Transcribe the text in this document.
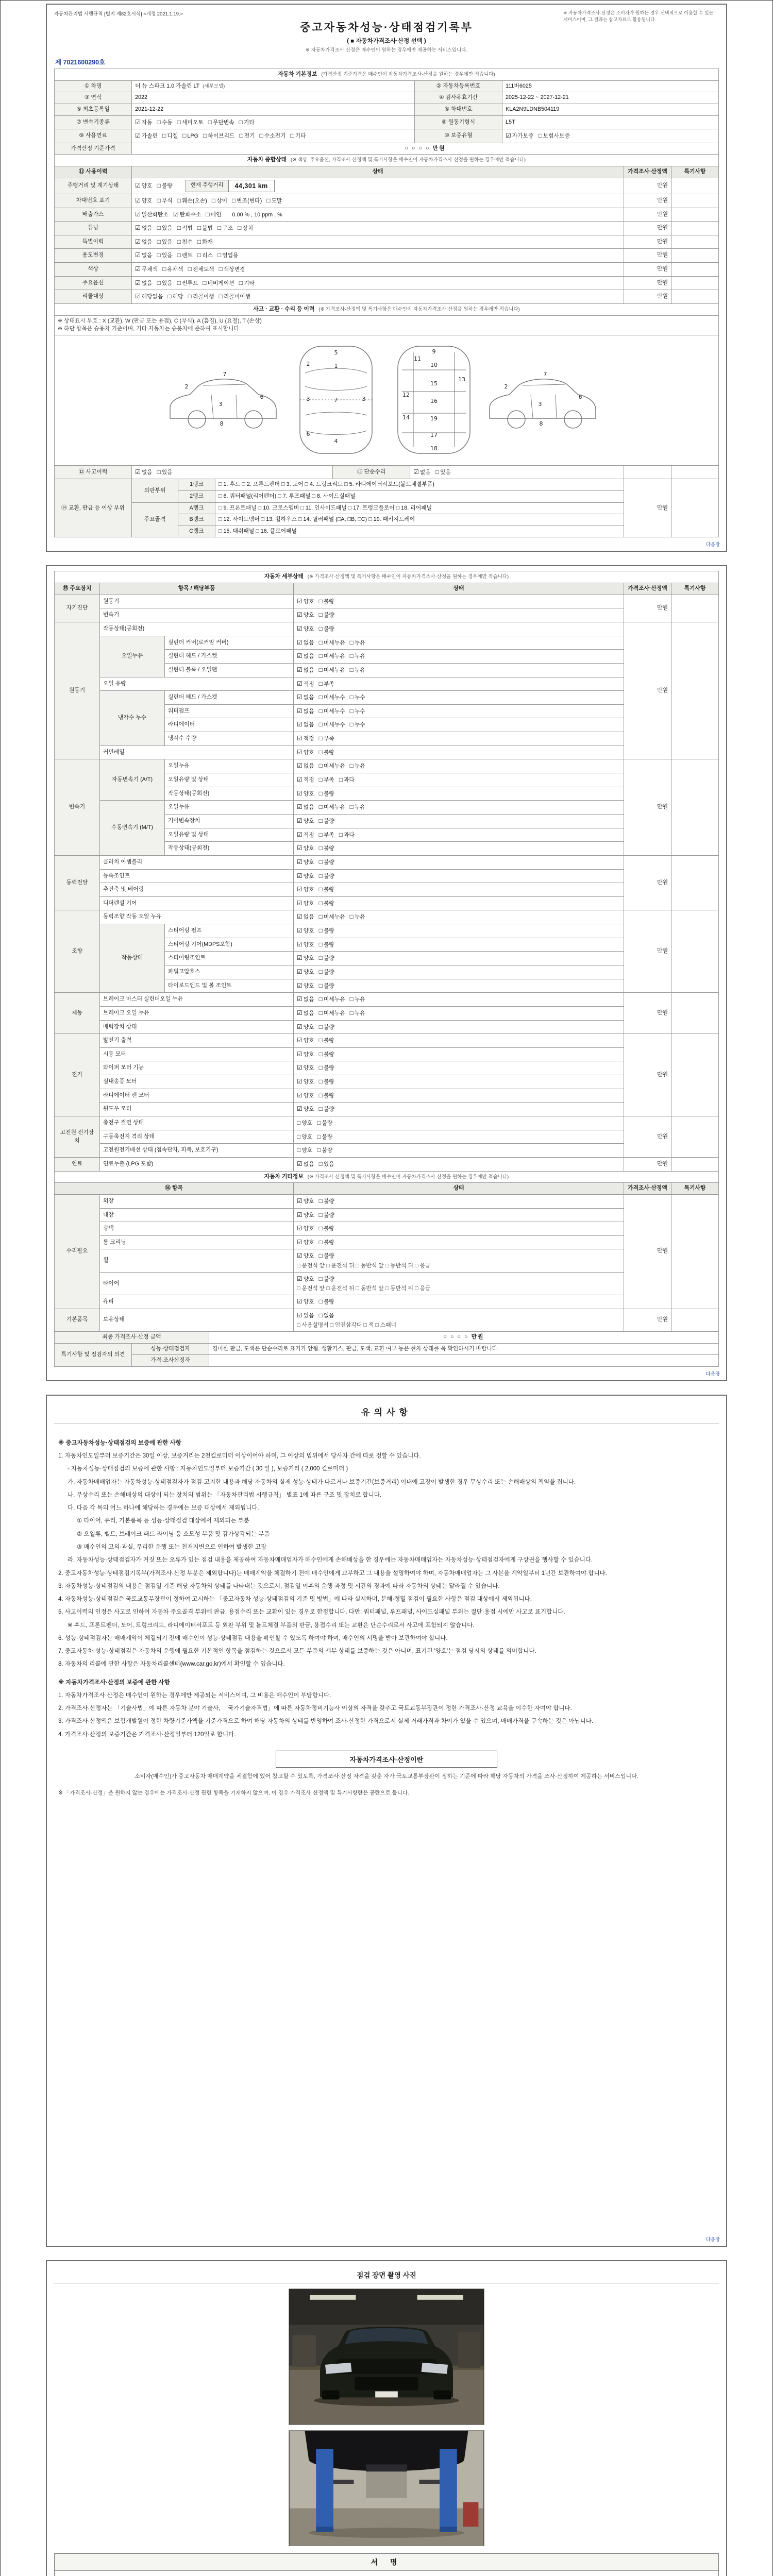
자동차관리법 시행규칙 [별지 제82호서식] <개정 2021.1.19.>	※ 자동차가격조사·산정은 소비자가 원하는 경우 선택적으로 이용할 수 있는 서비스이며, 그 결과는 참고자료로 활용됩니다.
중고자동차성능·상태점검기록부
( ■ 자동차가격조사·산정 선택 )
※ 자동차가격조사·산정은 매수인이 원하는 경우에만 제공하는 서비스입니다.
제 7021600290호
자동차 기본정보 (가격산정 기준가격은 매수인이 자동차가격조사·산정을 원하는 경우에만 적습니다)			
① 차명	더 뉴 스파크 1.0 가솔린 LT (세부모델)	② 자동차등록번호	111버6025
③ 연식	2022	④ 검사유효기간	2025-12-22 ~ 2027-12-21
⑤ 최초등록일	2021-12-22	⑥ 차대번호	KLA2N9LDNB504119
⑦ 변속기종류	☑ 자동 □ 수동 □ 세미오토 □ 무단변속 □ 기타	⑧ 원동기형식	L5T
⑨ 사용연료	☑ 가솔린 □ 디젤 □ LPG □ 하이브리드 □ 전기 □ 수소전기 □ 기타	⑩ 보증유형	☑ 자가보증 □ 보험사보증
가격산정 기준가격	○ ○ ○ ○ 만원		
자동차 종합상태 (※ 색상, 주요옵션, 가격조사·산정액 및 특기사항은 매수인이 자동차가격조사·산정을 원하는 경우에만 적습니다)			
⑪ 사용이력	상태	가격조사·산정액	특기사항
주행거리 및 계기상태	☑ 양호 □ 불량 현재 주행거리 44,301 km	만원	
차대번호 표기	☑ 양호 □ 부식 □ 훼손(오손) □ 상이 □ 변조(변타) □ 도말	만원	
배출가스	☑ 일산화탄소 ☑ 탄화수소 □ 매연 0.00 % , 10 ppm , %	만원	
튜닝	☑ 없음 □ 있음 □ 적법 □ 불법 □ 구조 □ 장치	만원	
특별이력	☑ 없음 □ 있음 □ 침수 □ 화재	만원	
용도변경	☑ 없음 □ 있음 □ 렌트 □ 리스 □ 영업용	만원	
색상	☑ 무채색 □ 유채색 □ 전체도색 □ 색상변경	만원	
주요옵션	☑ 없음 □ 있음 □ 썬루프 □ 네비게이션 □ 기타	만원	
리콜대상	☑ 해당없음 □ 해당 □ 리콜이행 □ 리콜미이행	만원	
사고 · 교환 · 수리 등 이력 (※ 가격조사·산정액 및 특기사항은 매수인이 자동차가격조사·산정을 원하는 경우에만 적습니다)

※ 상태표시 부호 : X (교환), W (판금 또는 용접), C (부식), A (흠집), U (요철), T (손상)
※ 하단 항목은 승용차 기준이며, 기타 자동차는 승용차에 준하여 표시합니다.

2
3
6
7
8
5
1
2
3	3
7
6
4
9
10
11
12
13
15
16
14	19
17
18
2
3
6
7
8
⑫ 사고이력	☑ 없음 □ 있음	⑬ 단순수리	☑ 없음 □ 있음		
⑭ 교환, 판금 등 이상 부위	외판부위	1랭크	□ 1. 후드 □ 2. 프론트펜더 □ 3. 도어 □ 4. 트렁크리드 □ 5. 라디에이터서포트(볼트체결부품)	만원	
		2랭크	□ 6. 쿼터패널(리어펜더) □ 7. 루프패널 □ 8. 사이드실패널		
	주요골격	A랭크	□ 9. 프론트패널 □ 10. 크로스멤버 □ 11. 인사이드패널 □ 17. 트렁크플로어 □ 18. 리어패널		
		B랭크	□ 12. 사이드멤버 □ 13. 휠하우스 □ 14. 필러패널 (□A, □B, □C) □ 19. 패키지트레이		
		C랭크	□ 15. 대쉬패널 □ 16. 플로어패널		
다음장
자동차 세부상태 (※ 가격조사·산정액 및 특기사항은 매수인이 자동차가격조사·산정을 원하는 경우에만 적습니다)					
⑮ 주요장치	항목 / 해당부품		상태	가격조사·산정액	특기사항
자기진단	원동기		☑ 양호 □ 불량	만원	
	변속기		☑ 양호 □ 불량		
원동기	작동상태(공회전)		☑ 양호 □ 불량	만원	
	오일누유	실린더 커버(로커암 커버)	☑ 없음 □ 미세누유 □ 누유		
		실린더 헤드 / 가스켓	☑ 없음 □ 미세누유 □ 누유		
		실린더 블록 / 오일팬	☑ 없음 □ 미세누유 □ 누유		
	오일 유량		☑ 적정 □ 부족		
	냉각수 누수	실린더 헤드 / 가스켓	☑ 없음 □ 미세누수 □ 누수		
		워터펌프	☑ 없음 □ 미세누수 □ 누수		
		라디에이터	☑ 없음 □ 미세누수 □ 누수		
		냉각수 수량	☑ 적정 □ 부족		
	커먼레일		☑ 양호 □ 불량		
변속기	자동변속기 (A/T)	오일누유	☑ 없음 □ 미세누유 □ 누유	만원	
		오일유량 및 상태	☑ 적정 □ 부족 □ 과다		
		작동상태(공회전)	☑ 양호 □ 불량		
	수동변속기 (M/T)	오일누유	☑ 없음 □ 미세누유 □ 누유		
		기어변속장치	☑ 양호 □ 불량		
		오일유량 및 상태	☑ 적정 □ 부족 □ 과다		
		작동상태(공회전)	☑ 양호 □ 불량		
동력전달	클러치 어셈블리		☑ 양호 □ 불량	만원	
	등속조인트		☑ 양호 □ 불량		
	추진축 및 베어링		☑ 양호 □ 불량		
	디퍼렌셜 기어		☑ 양호 □ 불량		
조향	동력조향 작동 오일 누유		☑ 없음 □ 미세누유 □ 누유	만원	
	작동상태	스티어링 펌프	☑ 양호 □ 불량		
		스티어링 기어(MDPS포함)	☑ 양호 □ 불량		
		스티어링조인트	☑ 양호 □ 불량		
		파워고압호스	☑ 양호 □ 불량		
		타이로드엔드 및 볼 조인트	☑ 양호 □ 불량		
제동	브레이크 마스터 실린더오일 누유		☑ 없음 □ 미세누유 □ 누유	만원	
	브레이크 오일 누유		☑ 없음 □ 미세누유 □ 누유		
	배력장치 상태		☑ 양호 □ 불량		
전기	발전기 출력		☑ 양호 □ 불량	만원	
	시동 모터		☑ 양호 □ 불량		
	와이퍼 모터 기능		☑ 양호 □ 불량		
	실내송풍 모터		☑ 양호 □ 불량		
	라디에이터 팬 모터		☑ 양호 □ 불량		
	윈도우 모터		☑ 양호 □ 불량		
고전원 전기장치	충전구 절연 상태		□ 양호 □ 불량	만원	
	구동축전지 격리 상태		□ 양호 □ 불량		
	고전원전기배선 상태 (접속단자, 피복, 보호기구)		□ 양호 □ 불량		
연료	연료누출 (LPG 포함)		☑ 없음 □ 있음	만원	
자동차 기타정보 (※ 가격조사·산정액 및 특기사항은 매수인이 자동차가격조사·산정을 원하는 경우에만 적습니다)				
⑯ 항목		상태	가격조사·산정액	특기사항
수리필요	외장	☑ 양호 □ 불량	만원	
	내장	☑ 양호 □ 불량		
	광택	☑ 양호 □ 불량		
	룸 크리닝	☑ 양호 □ 불량		
	휠	☑ 양호 □ 불량
□ 운전석 앞 □ 운전석 뒤 □ 동반석 앞 □ 동반석 뒤 □ 응급		

	타이어	☑ 양호 □ 불량
□ 운전석 앞 □ 운전석 뒤 □ 동반석 앞 □ 동반석 뒤 □ 응급		

	유리	☑ 양호 □ 불량		
기본품목	보유상태	☑ 있음 □ 없음
□ 사용설명서 □ 안전삼각대 □ 잭 □ 스패너	만원	
최종 가격조사·산정 금액	○ ○ ○ ○ 만원
특기사항 및 점검자의 의견	성능·상태점검자	경미한 판금, 도색은 단순수리로 표기가 안됨. 생활기스, 판금, 도색, 교환 여부 등은 현차 상태를 꼭 확인하시기 바랍니다.
	가격·조사산정자	
다음장
유의사항
※ 중고자동차성능·상태점검의 보증에 관한 사항
1. 자동차인도일부터 보증기간은 30일 이상, 보증거리는 2천킬로미터 이상이어야 하며, 그 이상의 범위에서 당사자 간에 따로 정할 수 있습니다.
- 자동차성능·상태점검의 보증에 관한 사항 : 자동차인도일부터 보증기간 ( 30 일 ), 보증거리 ( 2,000 킬로미터 )
가. 자동차매매업자는 자동차성능·상태점검자가 점검·고지한 내용과 해당 자동차의 실제 성능·상태가 다르거나 보증기간(보증거리) 이내에 고장이 발생한 경우 무상수리 또는 손해배상의 책임을 집니다.
나. 무상수리 또는 손해배상의 대상이 되는 장치의 범위는 「자동차관리법 시행규칙」 별표 1에 따른 구조 및 장치로 합니다.
다. 다음 각 목의 어느 하나에 해당하는 경우에는 보증 대상에서 제외됩니다.
① 타이어, 유리, 기본품목 등 성능·상태점검 대상에서 제외되는 부분
② 오일류, 벨트, 브레이크 패드·라이닝 등 소모성 부품 및 감가상각되는 부품
③ 매수인의 고의·과실, 무리한 운행 또는 천재지변으로 인하여 발생한 고장
라. 자동차성능·상태점검자가 거짓 또는 오류가 있는 점검 내용을 제공하여 자동차매매업자가 매수인에게 손해배상을 한 경우에는 자동차매매업자는 자동차성능·상태점검자에게 구상권을 행사할 수 있습니다.
2. 중고자동차성능·상태점검기록부(가격조사·산정 부분은 제외합니다)는 매매계약을 체결하기 전에 매수인에게 교부하고 그 내용을 설명하여야 하며, 자동차매매업자는 그 사본을 계약일부터 1년간 보관하여야 합니다.
3. 자동차성능·상태점검의 내용은 점검일 기준 해당 자동차의 상태를 나타내는 것으로서, 점검일 이후의 운행 과정 및 시간의 경과에 따라 자동차의 상태는 달라질 수 있습니다.
4. 자동차성능·상태점검은 국토교통부장관이 정하여 고시하는 「중고자동차 성능·상태점검의 기준 및 방법」에 따라 실시하며, 분해·정밀 점검이 필요한 사항은 점검 대상에서 제외됩니다.
5. 사고이력의 인정은 사고로 인하여 자동차 주요골격 부위에 판금, 용접수리 또는 교환이 있는 경우로 한정합니다. 다만, 쿼터패널, 루프패널, 사이드실패널 부위는 절단·용접 시에만 사고로 표기합니다.
※ 후드, 프론트펜더, 도어, 트렁크리드, 라디에이터서포트 등 외판 부위 및 볼트체결 부품의 판금, 용접수리 또는 교환은 단순수리로서 사고에 포함되지 않습니다.
6. 성능·상태점검자는 매매계약이 체결되기 전에 매수인이 성능·상태점검 내용을 확인할 수 있도록 하여야 하며, 매수인의 서명을 받아 보관하여야 합니다.
7. 중고자동차 성능·상태점검은 자동차의 운행에 필요한 기본적인 항목을 점검하는 것으로서 모든 부품의 세부 상태를 보증하는 것은 아니며, 표기된 '양호'는 점검 당시의 상태를 의미합니다.
8. 자동차의 리콜에 관한 사항은 자동차리콜센터(www.car.go.kr)에서 확인할 수 있습니다.
※ 자동차가격조사·산정의 보증에 관한 사항
1. 자동차가격조사·산정은 매수인이 원하는 경우에만 제공되는 서비스이며, 그 비용은 매수인이 부담합니다.
2. 가격조사·산정자는 「기술사법」에 따른 자동차 분야 기술사, 「국가기술자격법」에 따른 자동차정비기능사 이상의 자격을 갖추고 국토교통부장관이 정한 가격조사·산정 교육을 이수한 자여야 합니다.
3. 가격조사·산정액은 보험개발원이 정한 차량기준가액을 기준가격으로 하여 해당 자동차의 상태를 반영하여 조사·산정한 가격으로서 실제 거래가격과 차이가 있을 수 있으며, 매매가격을 구속하는 것은 아닙니다.
4. 가격조사·산정의 보증기간은 가격조사·산정일부터 120일로 합니다.
자동차가격조사·산정이란
소비자(매수인)가 중고자동차 매매계약을 체결함에 있어 참고할 수 있도록, 가격조사·산정 자격을 갖춘 자가 국토교통부장관이 정하는 기준에 따라 해당 자동차의 가격을 조사·산정하여 제공하는 서비스입니다.
※ 「가격조사·산정」을 원하지 않는 경우에는 가격조사·산정 관련 항목을 기재하지 않으며, 이 경우 가격조사·산정액 및 특기사항란은 공란으로 둡니다.
다음장
점검 장면 촬영 사진
서 명
